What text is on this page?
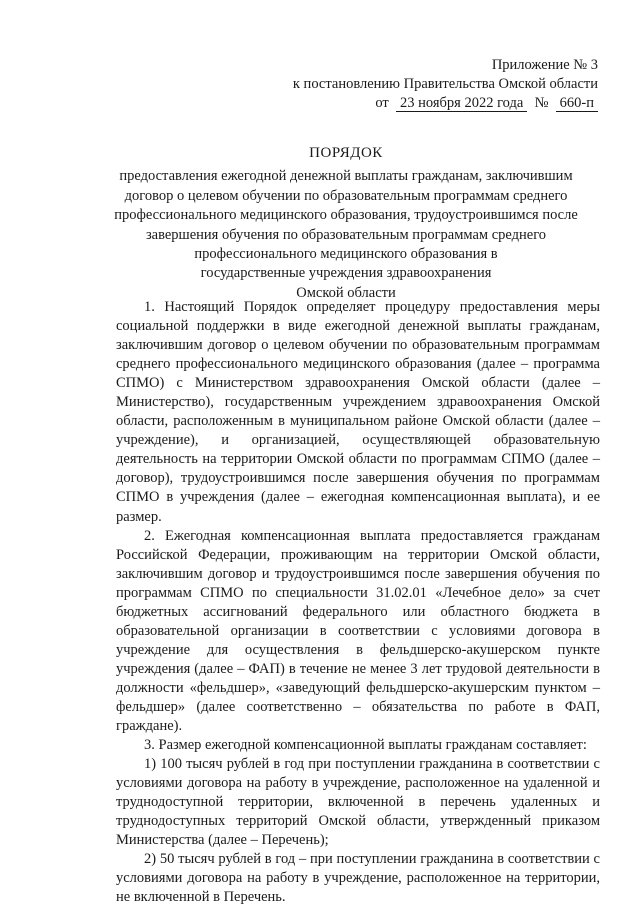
Приложение № 3
к постановлению Правительства Омской области
от 23 ноября 2022 года № 660-п
ПОРЯДОК
предоставления ежегодной денежной выплаты гражданам, заключившим
договор о целевом обучении по образовательным программам среднего
профессионального медицинского образования, трудоустроившимся после
завершения обучения по образовательным программам среднего
профессионального медицинского образования в
государственные учреждения здравоохранения
Омской области

1. Настоящий Порядок определяет процедуру предоставления меры социальной поддержки в виде ежегодной денежной выплаты гражданам, заключившим договор о целевом обучении по образовательным программам среднего профессионального медицинского образования (далее – программа СПМО) с Министерством здравоохранения Омской области (далее – Министерство), государственным учреждением здравоохранения Омской области, расположенным в муниципальном районе Омской области (далее – учреждение), и организацией, осуществляющей образовательную деятельность на территории Омской области по программам СПМО (далее – договор), трудоустроившимся после завершения обучения по программам СПМО в учреждения (далее – ежегодная компенсационная выплата), и ее размер.

2. Ежегодная компенсационная выплата предоставляется гражданам Российской Федерации, проживающим на территории Омской области, заключившим договор и трудоустроившимся после завершения обучения по программам СПМО по специальности 31.02.01 «Лечебное дело» за счет бюджетных ассигнований федерального или областного бюджета в образовательной организации в соответствии с условиями договора в учреждение для осуществления в фельдшерско-акушерском пункте учреждения (далее – ФАП) в течение не менее 3 лет трудовой деятельности в должности «фельдшер», «заведующий фельдшерско-акушерским пунктом – фельдшер» (далее соответственно – обязательства по работе в ФАП, граждане).

3. Размер ежегодной компенсационной выплаты гражданам составляет:

1) 100 тысяч рублей в год при поступлении гражданина в соответствии с условиями договора на работу в учреждение, расположенное на удаленной и труднодоступной территории, включенной в перечень удаленных и труднодоступных территорий Омской области, утвержденный приказом Министерства (далее – Перечень);

2) 50 тысяч рублей в год – при поступлении гражданина в соответствии с условиями договора на работу в учреждение, расположенное на территории, не включенной в Перечень.
